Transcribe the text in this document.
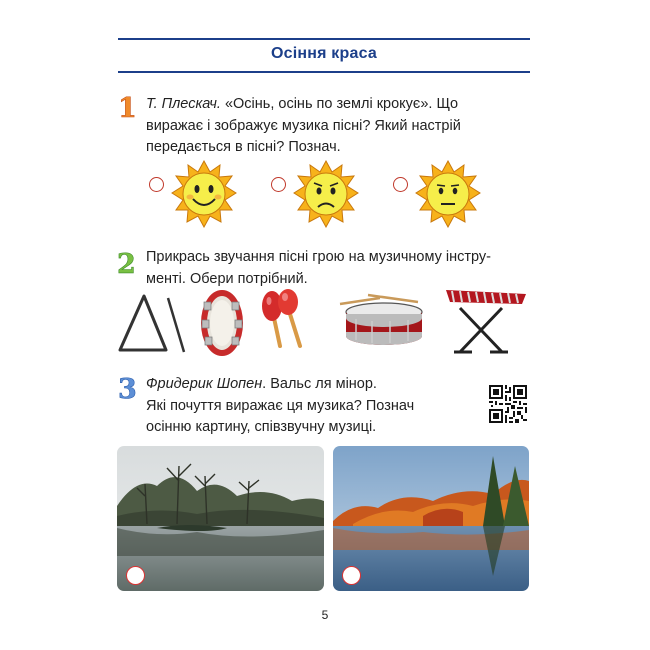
Осіння краса
1 Т. Плескач. «Осінь, осінь по землі крокує». Що
виражає і зображує музика пісні? Який настрій
передається в пісні? Познач.
2 Прикрась звучання пісні грою на музичному інстру-
менті. Обери потрібний.
3 Фридерик Шопен. Вальс ля мінор.
Які почуття виражає ця музика? Познач
осінню картину, співзвучну музиці.
5
